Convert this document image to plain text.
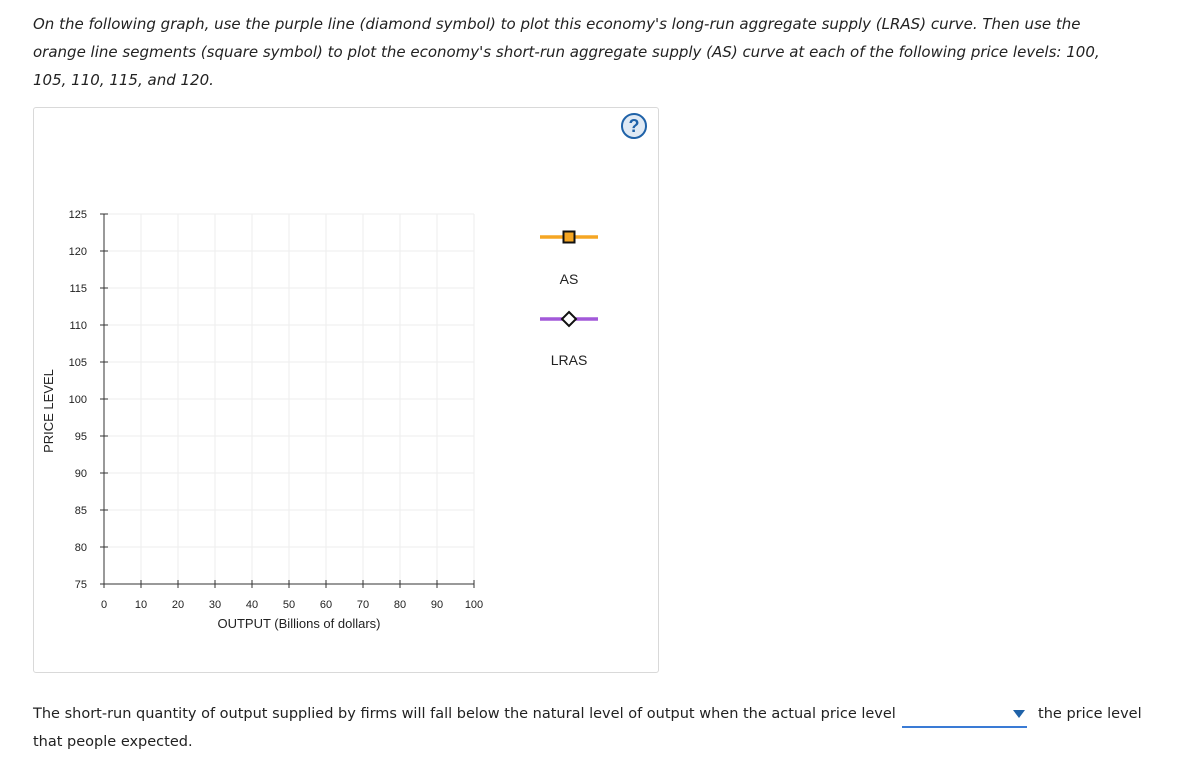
On the following graph, use the purple line (diamond symbol) to plot this economy's long-run aggregate supply (LRAS) curve. Then use the orange line segments (square symbol) to plot the economy's short-run aggregate supply (AS) curve at each of the following price levels: 100, 105, 110, 115, and 120.

?
75
80
85
90
95
100
105
110
115
120
125
0	10 20 30 40 50 60 70 80 90 100
OUTPUT (Billions of dollars)
PRICE LEVEL
AS
LRAS
The short-run quantity of output supplied by firms will fall below the natural level of output when the actual price level	the price level that people expected.
